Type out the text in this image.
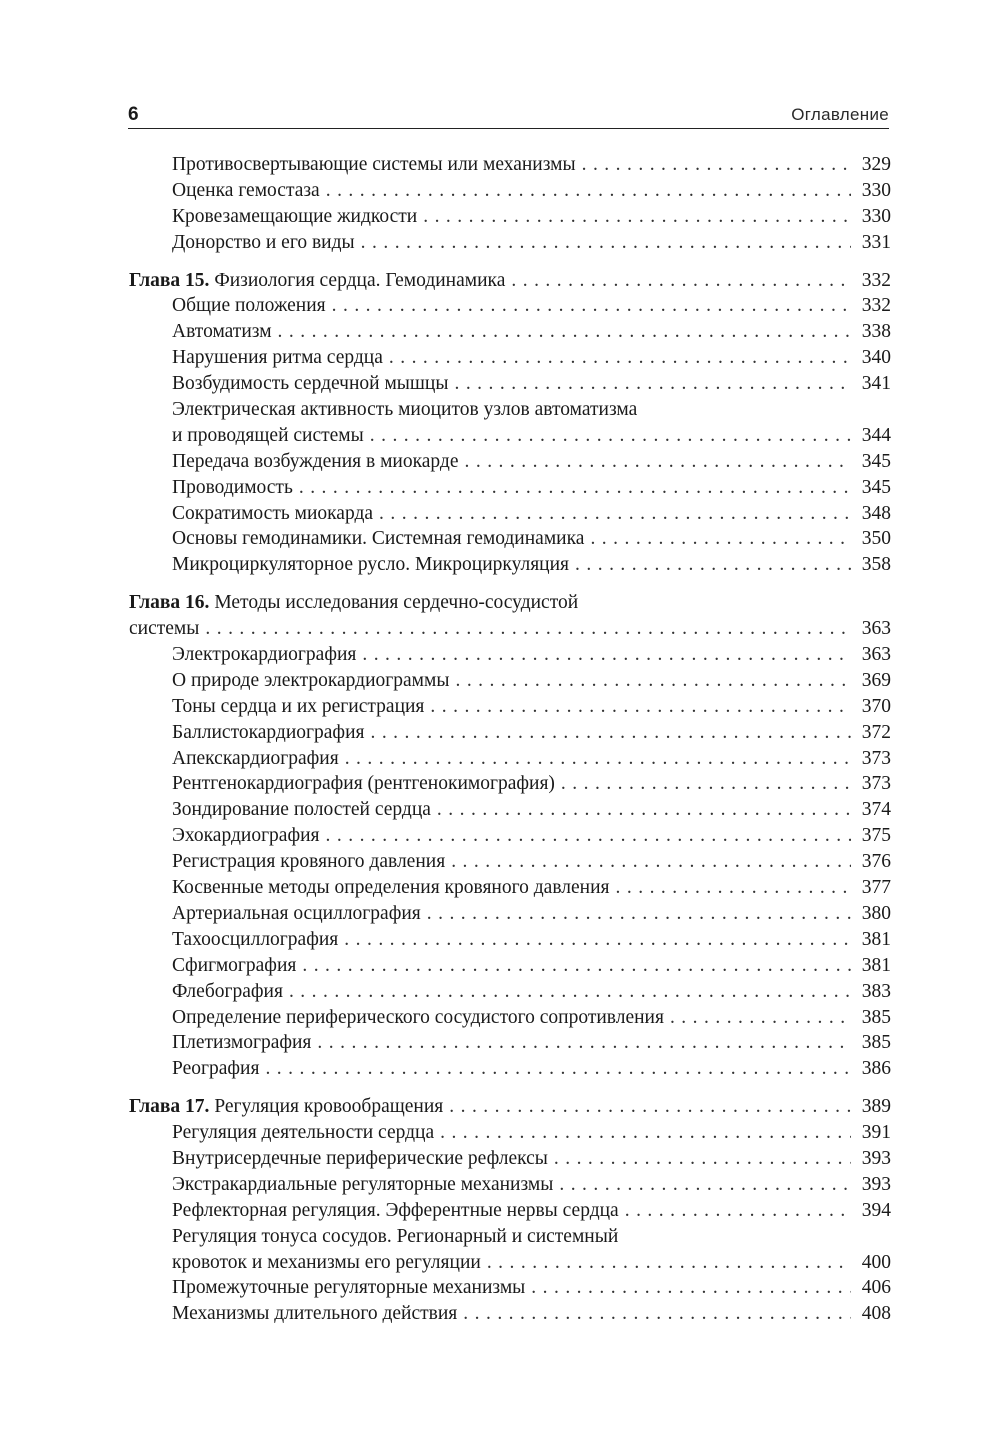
6	Оглавление
Противосвертывающие системы или механизмы . . .	329
Оценка гемостаза . . .	330
Кровезамещающие жидкости . . .	330
Донорство и его виды . . .	331
Глава 15. Физиология сердца. Гемодинамика . . .	332
Общие положения . . .	332
Автоматизм . . .	338
Нарушения ритма сердца . . .	340
Возбудимость сердечной мышцы . . .	341
Электрическая активность миоцитов узлов автоматизма
и проводящей системы . . .	344
Передача возбуждения в миокарде . . .	345
Проводимость . . .	345
Сократимость миокарда . . .	348
Основы гемодинамики. Системная гемодинамика . . .	350
Микроциркуляторное русло. Микроциркуляция . . .	358
Глава 16. Методы исследования сердечно-сосудистой
системы . . .	363
Электрокардиография . . .	363
О природе электрокардиограммы . . .	369
Тоны сердца и их регистрация . . .	370
Баллистокардиография . . .	372
Апекскардиография . . .	373
Рентгенокардиография (рентгенокимография) . . .	373
Зондирование полостей сердца . . .	374
Эхокардиография . . .	375
Регистрация кровяного давления . . .	376
Косвенные методы определения кровяного давления . . .	377
Артериальная осциллография . . .	380
Тахоосциллография . . .	381
Сфигмография . . .	381
Флебография . . .	383
Определение периферического сосудистого сопротивления . . .	385
Плетизмография . . .	385
Реография . . .	386
Глава 17. Регуляция кровообращения . . .	389
Регуляция деятельности сердца . . .	391
Внутрисердечные периферические рефлексы . . .	393
Экстракардиальные регуляторные механизмы . . .	393
Рефлекторная регуляция. Эфферентные нервы сердца . . .	394
Регуляция тонуса сосудов. Регионарный и системный
кровоток и механизмы его регуляции . . .	400
Промежуточные регуляторные механизмы . . .	406
Механизмы длительного действия . . .	408
